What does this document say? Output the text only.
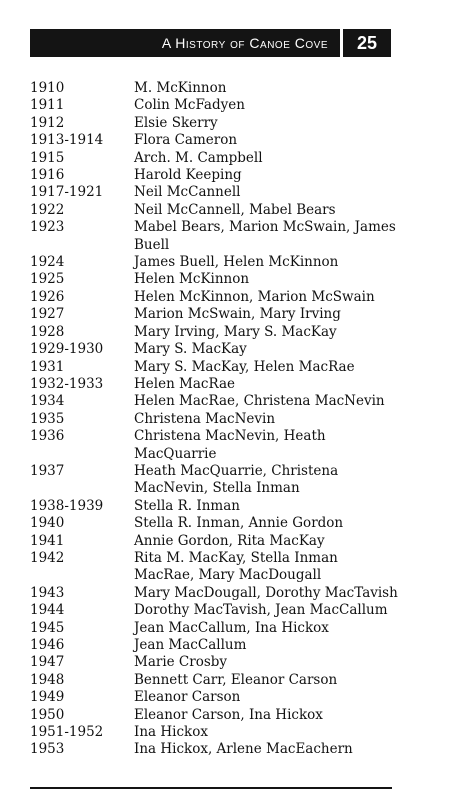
A History of Canoe Cove 25
1910	M. McKinnon
1911	Colin McFadyen
1912	Elsie Skerry
1913-1914	Flora Cameron
1915	Arch. M. Campbell
1916	Harold Keeping
1917-1921	Neil McCannell
1922	Neil McCannell, Mabel Bears
1923	Mabel Bears, Marion McSwain, James Buell
1924	James Buell, Helen McKinnon
1925	Helen McKinnon
1926	Helen McKinnon, Marion McSwain
1927	Marion McSwain, Mary Irving
1928	Mary Irving, Mary S. MacKay
1929-1930	Mary S. MacKay
1931	Mary S. MacKay, Helen MacRae
1932-1933	Helen MacRae
1934	Helen MacRae, Christena MacNevin
1935	Christena MacNevin
1936	Christena MacNevin, Heath MacQuarrie
1937	Heath MacQuarrie, Christena MacNevin, Stella Inman
1938-1939	Stella R. Inman
1940	Stella R. Inman, Annie Gordon
1941	Annie Gordon, Rita MacKay
1942	Rita M. MacKay, Stella Inman MacRae, Mary MacDougall
1943	Mary MacDougall, Dorothy MacTavish
1944	Dorothy MacTavish, Jean MacCallum
1945	Jean MacCallum, Ina Hickox
1946	Jean MacCallum
1947	Marie Crosby
1948	Bennett Carr, Eleanor Carson
1949	Eleanor Carson
1950	Eleanor Carson, Ina Hickox
1951-1952	Ina Hickox
1953	Ina Hickox, Arlene MacEachern
